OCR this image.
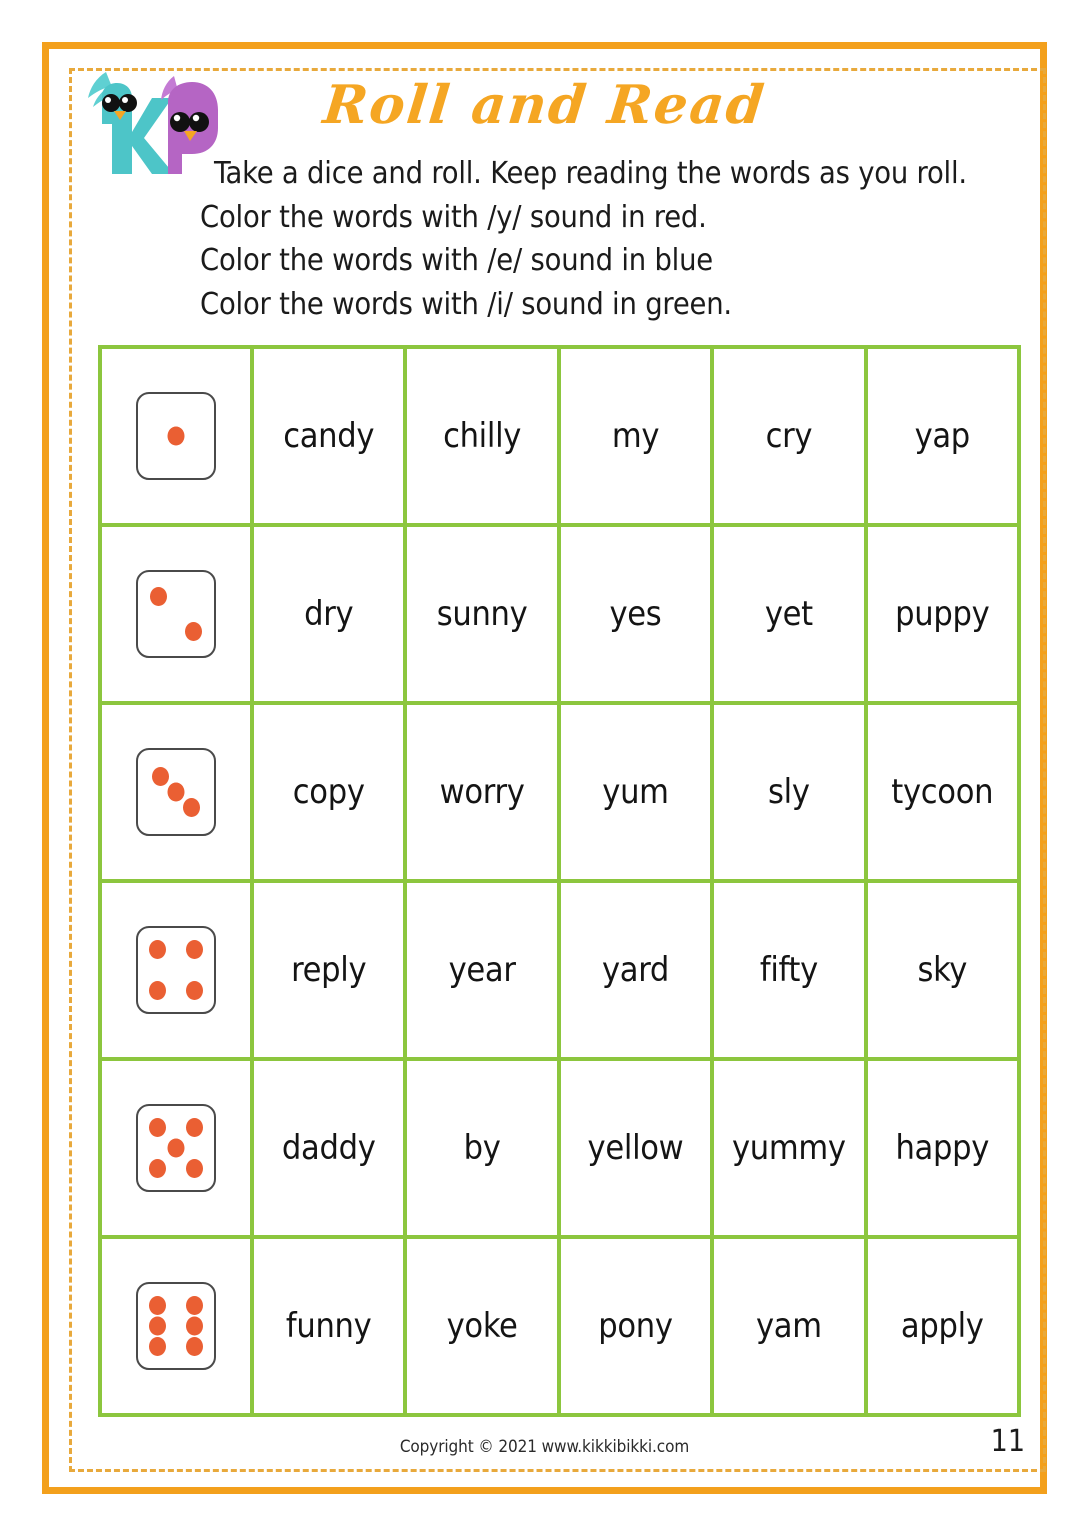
Roll and Read
Take a dice and roll. Keep reading the words as you roll.
Color the words with /y/ sound in red.
Color the words with /e/ sound in blue
Color the words with /i/ sound in green.
	candy	chilly	my	cry	yap

	dry	sunny	yes	yet	puppy

	copy	worry	yum	sly	tycoon

	reply	year	yard	fifty	sky

	daddy	by	yellow	yummy	happy

	funny	yoke	pony	yam	apply
Copyright © 2021 www.kikkibikki.com	11
